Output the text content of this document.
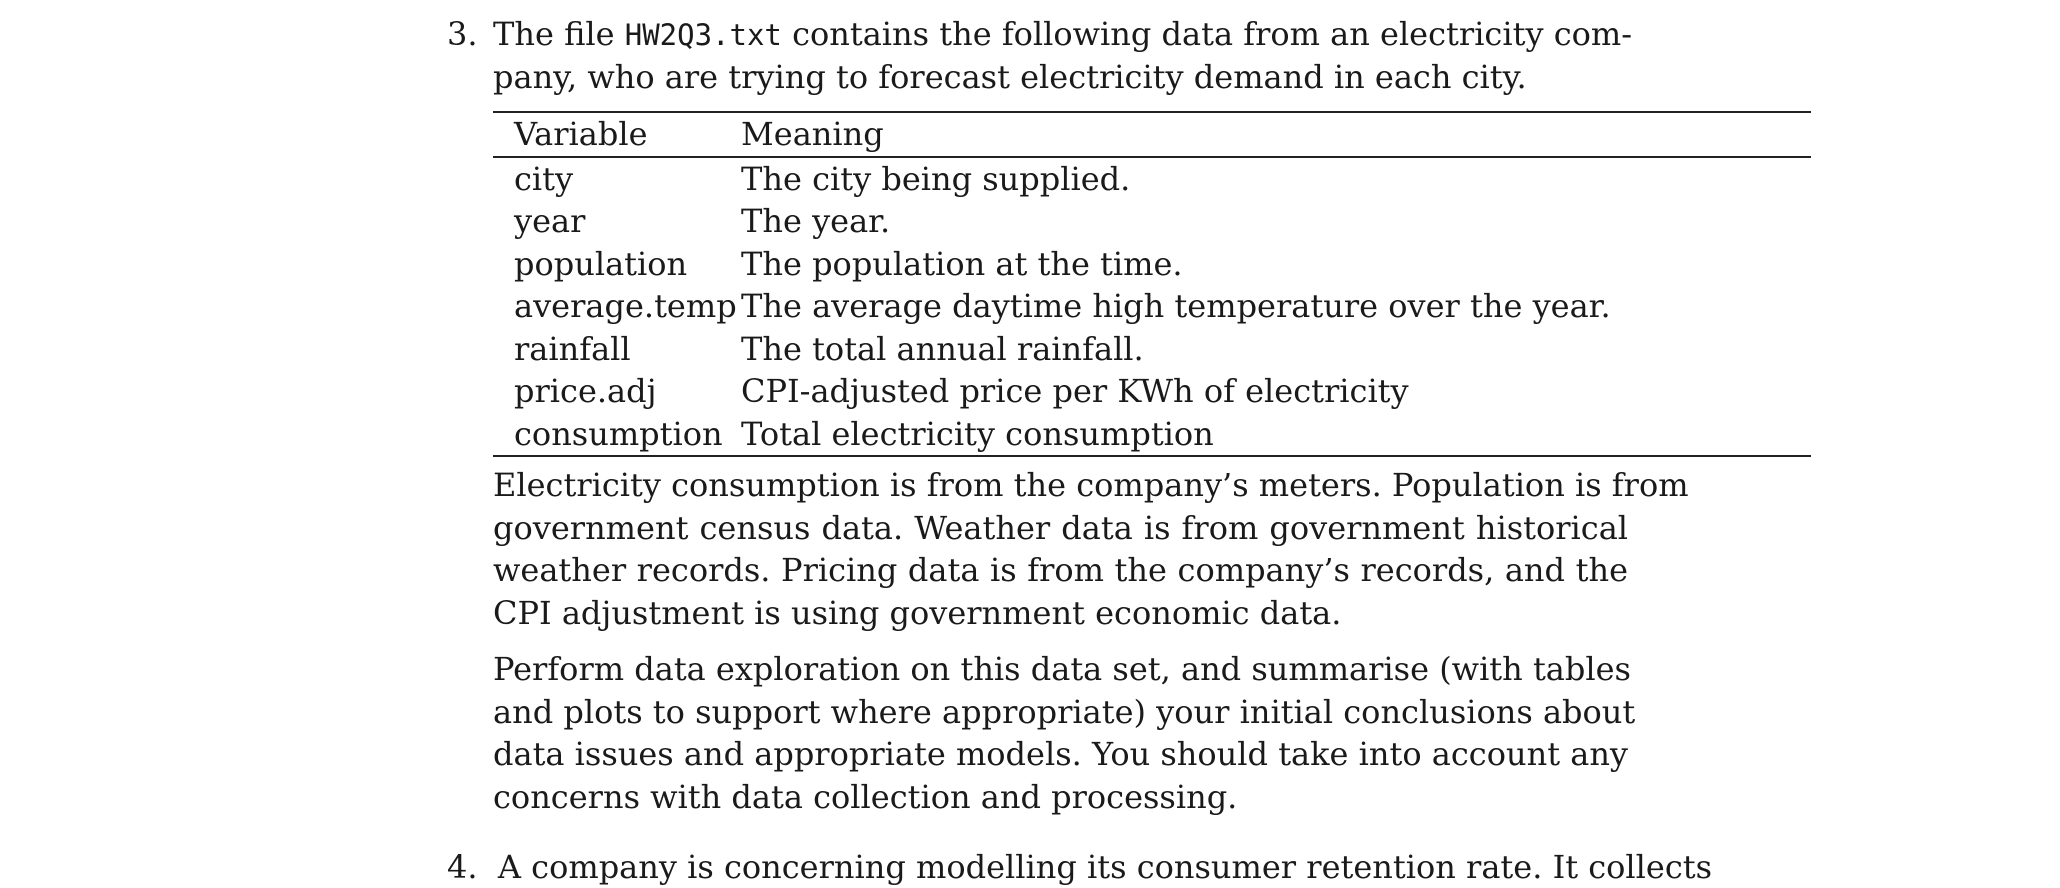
3. The file HW2Q3.txt contains the following data from an electricity com-
pany, who are trying to forecast electricity demand in each city.
Variable	Meaning
city	The city being supplied.
year	The year.
population	The population at the time.
average.temp The average daytime high temperature over the year.
rainfall	The total annual rainfall.
price.adj	CPI-adjusted price per KWh of electricity
consumption Total electricity consumption
Electricity consumption is from the company’s meters. Population is from
government census data. Weather data is from government historical
weather records. Pricing data is from the company’s records, and the
CPI adjustment is using government economic data.
Perform data exploration on this data set, and summarise (with tables
and plots to support where appropriate) your initial conclusions about
data issues and appropriate models. You should take into account any
concerns with data collection and processing.
4. A company is concerning modelling its consumer retention rate. It collects
